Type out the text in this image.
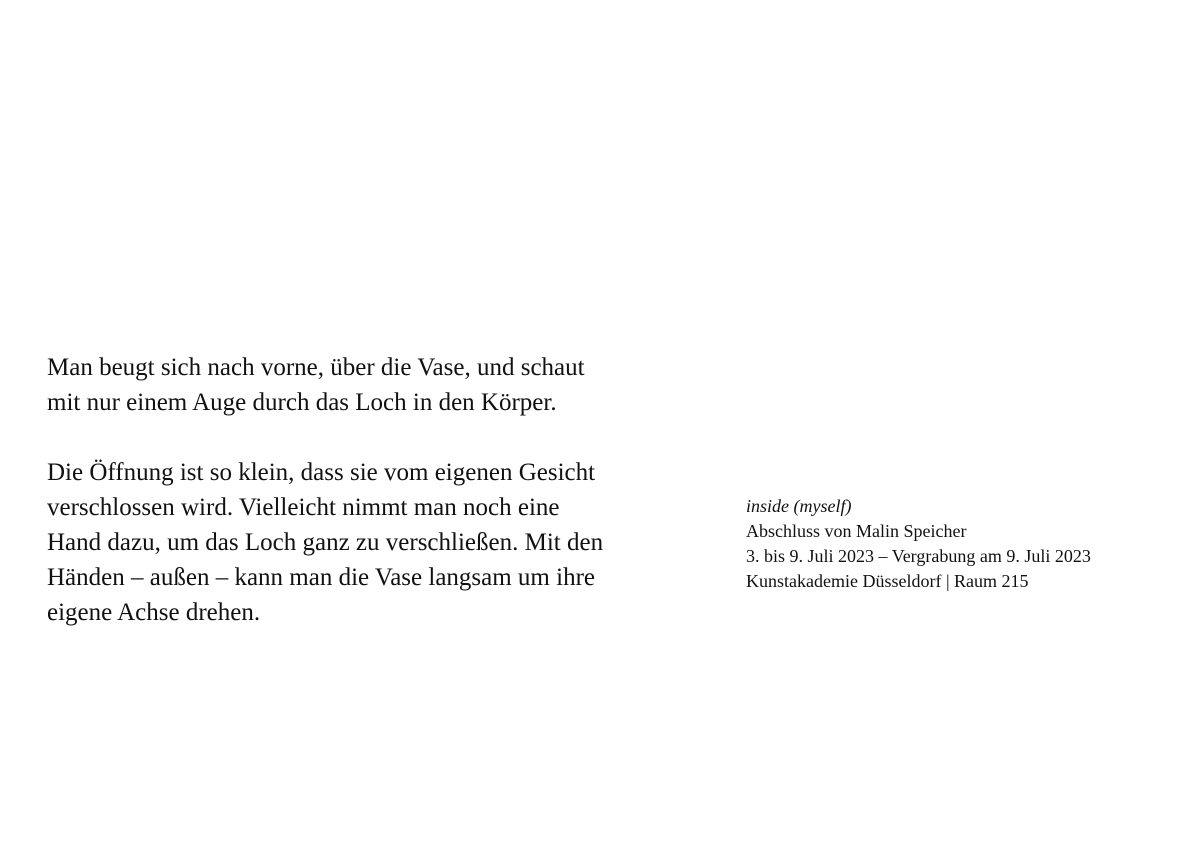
Man beugt sich nach vorne, über die Vase, und schaut
mit nur einem Auge durch das Loch in den Körper.

Die Öffnung ist so klein, dass sie vom eigenen Gesicht
verschlossen wird. Vielleicht nimmt man noch eine
Hand dazu, um das Loch ganz zu verschließen. Mit den
Händen – außen – kann man die Vase langsam um ihre
eigene Achse drehen.

inside (myself)
Abschluss von Malin Speicher
3. bis 9. Juli 2023 – Vergrabung am 9. Juli 2023
Kunstakademie Düsseldorf | Raum 215
